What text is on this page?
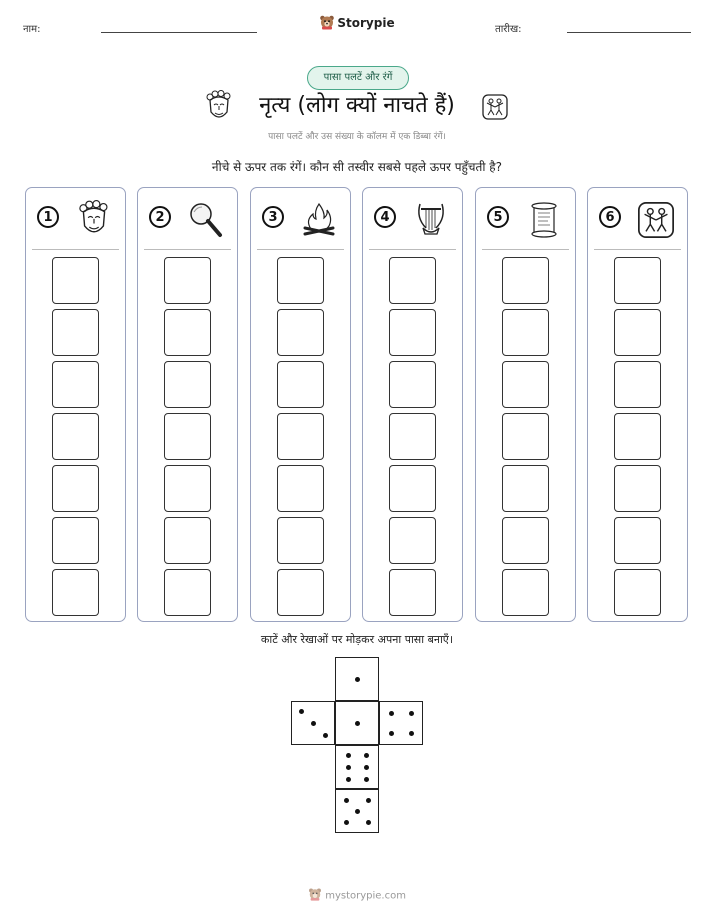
नाम:	Storypie	तारीख:
पासा पलटें और रंगें
नृत्य (लोग क्यों नाचते हैं)
पासा पलटें और उस संख्या के कॉलम में एक डिब्बा रंगें।
नीचे से ऊपर तक रंगें। कौन सी तस्वीर सबसे पहले ऊपर पहुँचती है?
1	2	3	4	5	6
काटें और रेखाओं पर मोड़कर अपना पासा बनाएँ।
mystorypie.com
